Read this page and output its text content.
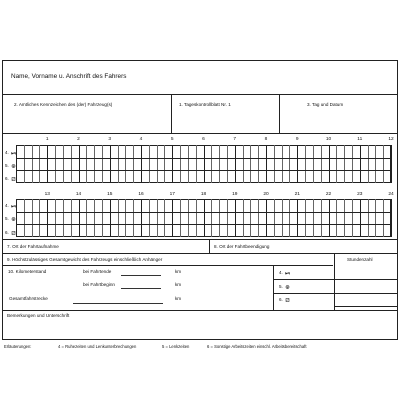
Name, Vorname u. Anschrift des Fahrers
2. Amtliches Kennzeichen des (der) Fahrzeug(s)	1. Tageskontrollblatt Nr. 1	3. Tag und Datum
1	2	3	4	5	6	7	8	9	10	11	12
4.
5.
6.
13	14	15	16	17	18	19	20	21	22	23	24
4.
5.
6.
7. Ort der Fahrtaufnahme	8. Ort der Fahrtbeendigung
9. Höchstzulässiges Gesamtgewicht des Fahrzeugs einschließlich Anhänger	Stundenzahl
10. Kilometerstand	bei Fahrtende	km
bei Fahrtbeginn	km
Gesamtfahrstrecke	km
4.
5.
6.
Bemerkungen und Unterschrift
Erläuterungen:	4 = Ruhezeiten und Lenkunterbrechungen	5 = Lenkzeiten	6 = Sonstige Arbeitszeiten einschl. Arbeitsbereitschaft
